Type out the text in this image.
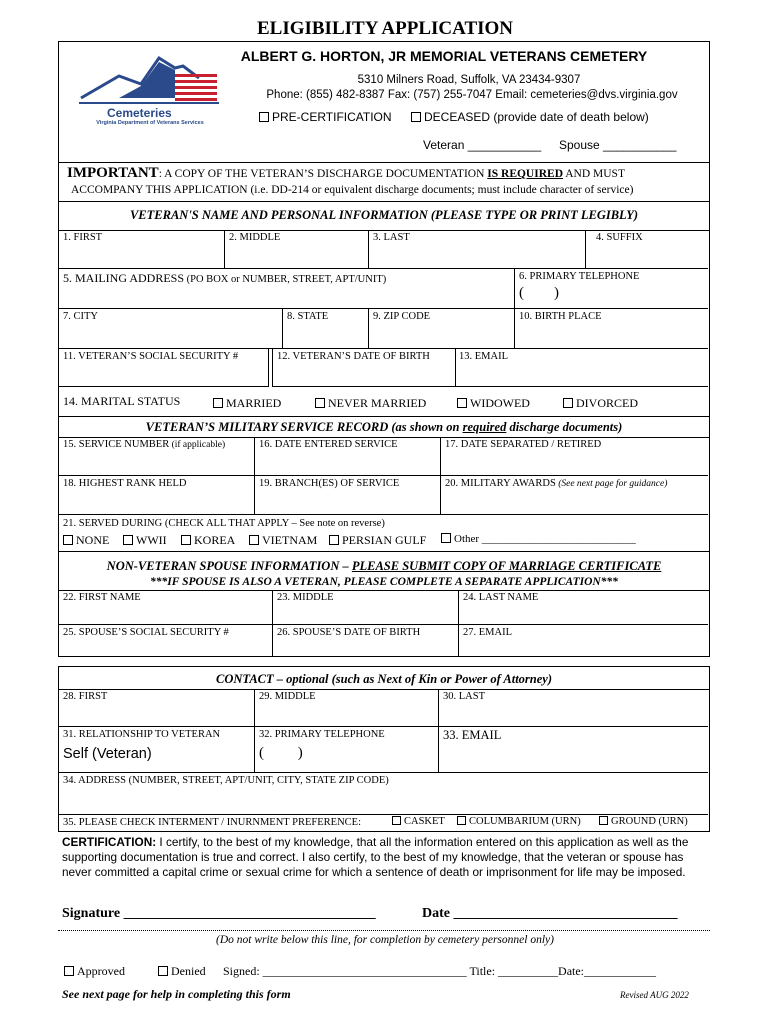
ELIGIBILITY APPLICATION
ALBERT G. HORTON, JR MEMORIAL VETERANS CEMETERY
Cemeteries
Virginia Department of Veterans Services
5310 Milners Road, Suffolk, VA 23434-9307
Phone: (855) 482-8387 Fax: (757) 255-7047 Email: cemeteries@dvs.virginia.gov
PRE-CERTIFICATION	DECEASED (provide date of death below)
Veteran ___________ Spouse ___________
IMPORTANT: A COPY OF THE VETERAN’S DISCHARGE DOCUMENTATION IS REQUIRED AND MUST
ACCOMPANY THIS APPLICATION (i.e. DD-214 or equivalent discharge documents; must include character of service)
VETERAN'S NAME AND PERSONAL INFORMATION (PLEASE TYPE OR PRINT LEGIBLY)
1. FIRST	2. MIDDLE	3. LAST	4. SUFFIX
5. MAILING ADDRESS (PO BOX or NUMBER, STREET, APT/UNIT)	6. PRIMARY TELEPHONE
(        )
7. CITY	8. STATE	9. ZIP CODE	10. BIRTH PLACE
11. VETERAN’S SOCIAL SECURITY #	12. VETERAN’S DATE OF BIRTH	13. EMAIL
14. MARITAL STATUS	MARRIED	NEVER MARRIED	WIDOWED	DIVORCED
VETERAN’S MILITARY SERVICE RECORD (as shown on required discharge documents)
15. SERVICE NUMBER (if applicable)	16. DATE ENTERED SERVICE	17. DATE SEPARATED / RETIRED
18. HIGHEST RANK HELD	19. BRANCH(ES) OF SERVICE	20. MILITARY AWARDS (See next page for guidance)
21. SERVED DURING (CHECK ALL THAT APPLY – See note on reverse)
NONE	WWII	KOREA	VIETNAM	PERSIAN GULF	Other ____________________________
NON-VETERAN SPOUSE INFORMATION – PLEASE SUBMIT COPY OF MARRIAGE CERTIFICATE
***IF SPOUSE IS ALSO A VETERAN, PLEASE COMPLETE A SEPARATE APPLICATION***
22. FIRST NAME	23. MIDDLE	24. LAST NAME
25. SPOUSE’S SOCIAL SECURITY #	26. SPOUSE’S DATE OF BIRTH	27. EMAIL
CONTACT – optional (such as Next of Kin or Power of Attorney)
28. FIRST	29. MIDDLE	30. LAST
31. RELATIONSHIP TO VETERAN
Self (Veteran)
32. PRIMARY TELEPHONE
(         )
33. EMAIL
34. ADDRESS (NUMBER, STREET, APT/UNIT, CITY, STATE ZIP CODE)
35. PLEASE CHECK INTERMENT / INURNMENT PREFERENCE:	CASKET	COLUMBARIUM (URN)	GROUND (URN)
CERTIFICATION: I certify, to the best of my knowledge, that all the information entered on this application as well as the supporting documentation is true and correct. I also certify, to the best of my knowledge, that the veteran or spouse has never committed a capital crime or sexual crime for which a sentence of death or imprisonment for life may be imposed.
Signature ____________________________________	Date ________________________________
(Do not write below this line, for completion by cemetery personnel only)
Approved	Denied Signed: __________________________________ Title: __________Date:____________
See next page for help in completing this form	Revised AUG 2022
